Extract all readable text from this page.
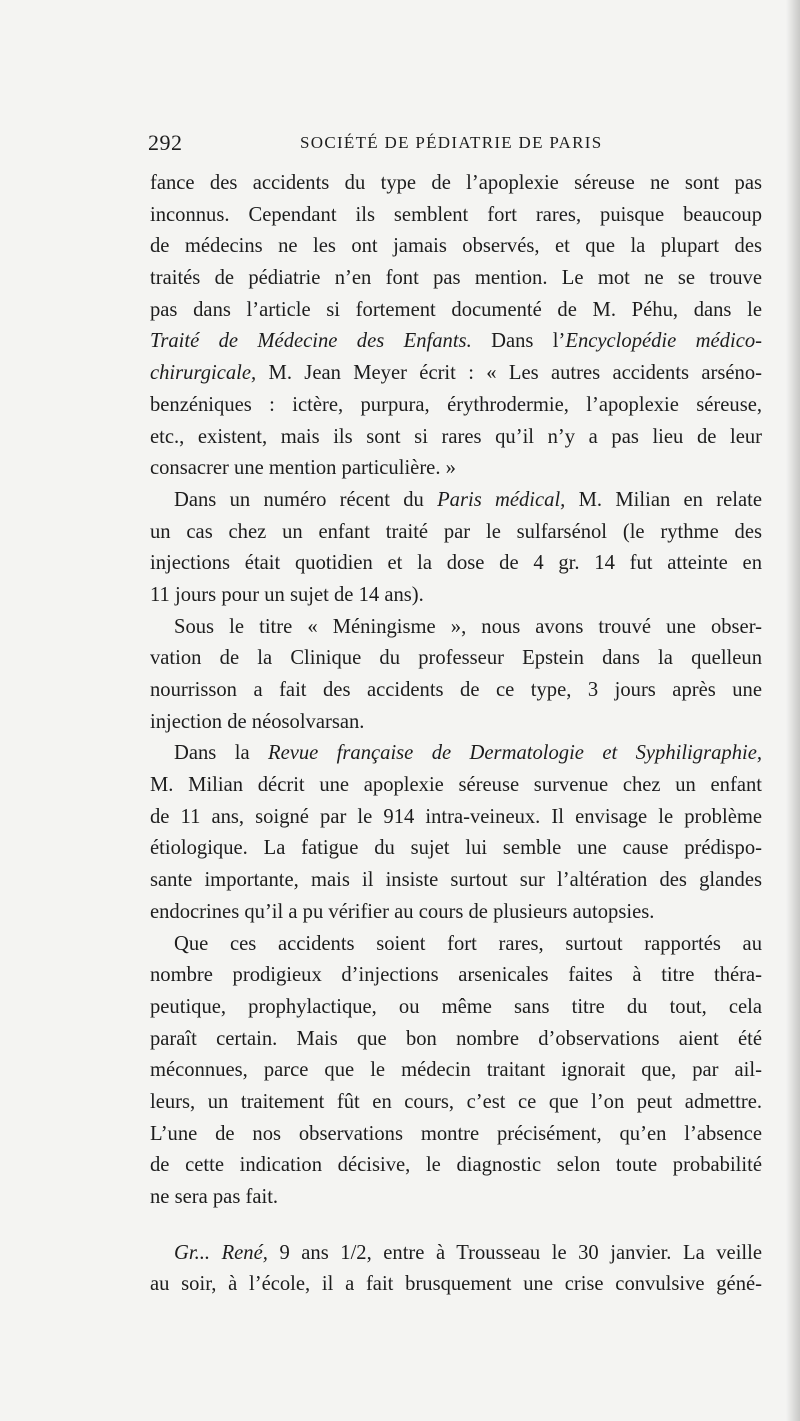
292	SOCIÉTÉ DE PÉDIATRIE DE PARIS
fance des accidents du type de l’apoplexie séreuse ne sont pas
inconnus. Cependant ils semblent fort rares, puisque beaucoup
de médecins ne les ont jamais observés, et que la plupart des
traités de pédiatrie n’en font pas mention. Le mot ne se trouve
pas dans l’article si fortement documenté de M. Péhu, dans le
Traité de Médecine des Enfants. Dans l’Encyclopédie médico-
chirurgicale, M. Jean Meyer écrit : « Les autres accidents arséno-
benzéniques : ictère, purpura, érythrodermie, l’apoplexie séreuse,
etc., existent, mais ils sont si rares qu’il n’y a pas lieu de leur
consacrer une mention particulière. »
Dans un numéro récent du Paris médical, M. Milian en relate
un cas chez un enfant traité par le sulfarsénol (le rythme des
injections était quotidien et la dose de 4 gr. 14 fut atteinte en
11 jours pour un sujet de 14 ans).
Sous le titre « Méningisme », nous avons trouvé une obser-
vation de la Clinique du professeur Epstein dans la quelleun
nourrisson a fait des accidents de ce type, 3 jours après une
injection de néosolvarsan.
Dans la Revue française de Dermatologie et Syphiligraphie,
M. Milian décrit une apoplexie séreuse survenue chez un enfant
de 11 ans, soigné par le 914 intra-veineux. Il envisage le problème
étiologique. La fatigue du sujet lui semble une cause prédispo-
sante importante, mais il insiste surtout sur l’altération des glandes
endocrines qu’il a pu vérifier au cours de plusieurs autopsies.
Que ces accidents soient fort rares, surtout rapportés au
nombre prodigieux d’injections arsenicales faites à titre théra-
peutique, prophylactique, ou même sans titre du tout, cela
paraît certain. Mais que bon nombre d’observations aient été
méconnues, parce que le médecin traitant ignorait que, par ail-
leurs, un traitement fût en cours, c’est ce que l’on peut admettre.
L’une de nos observations montre précisément, qu’en l’absence
de cette indication décisive, le diagnostic selon toute probabilité
ne sera pas fait.
Gr... René, 9 ans 1/2, entre à Trousseau le 30 janvier. La veille
au soir, à l’école, il a fait brusquement une crise convulsive géné-
